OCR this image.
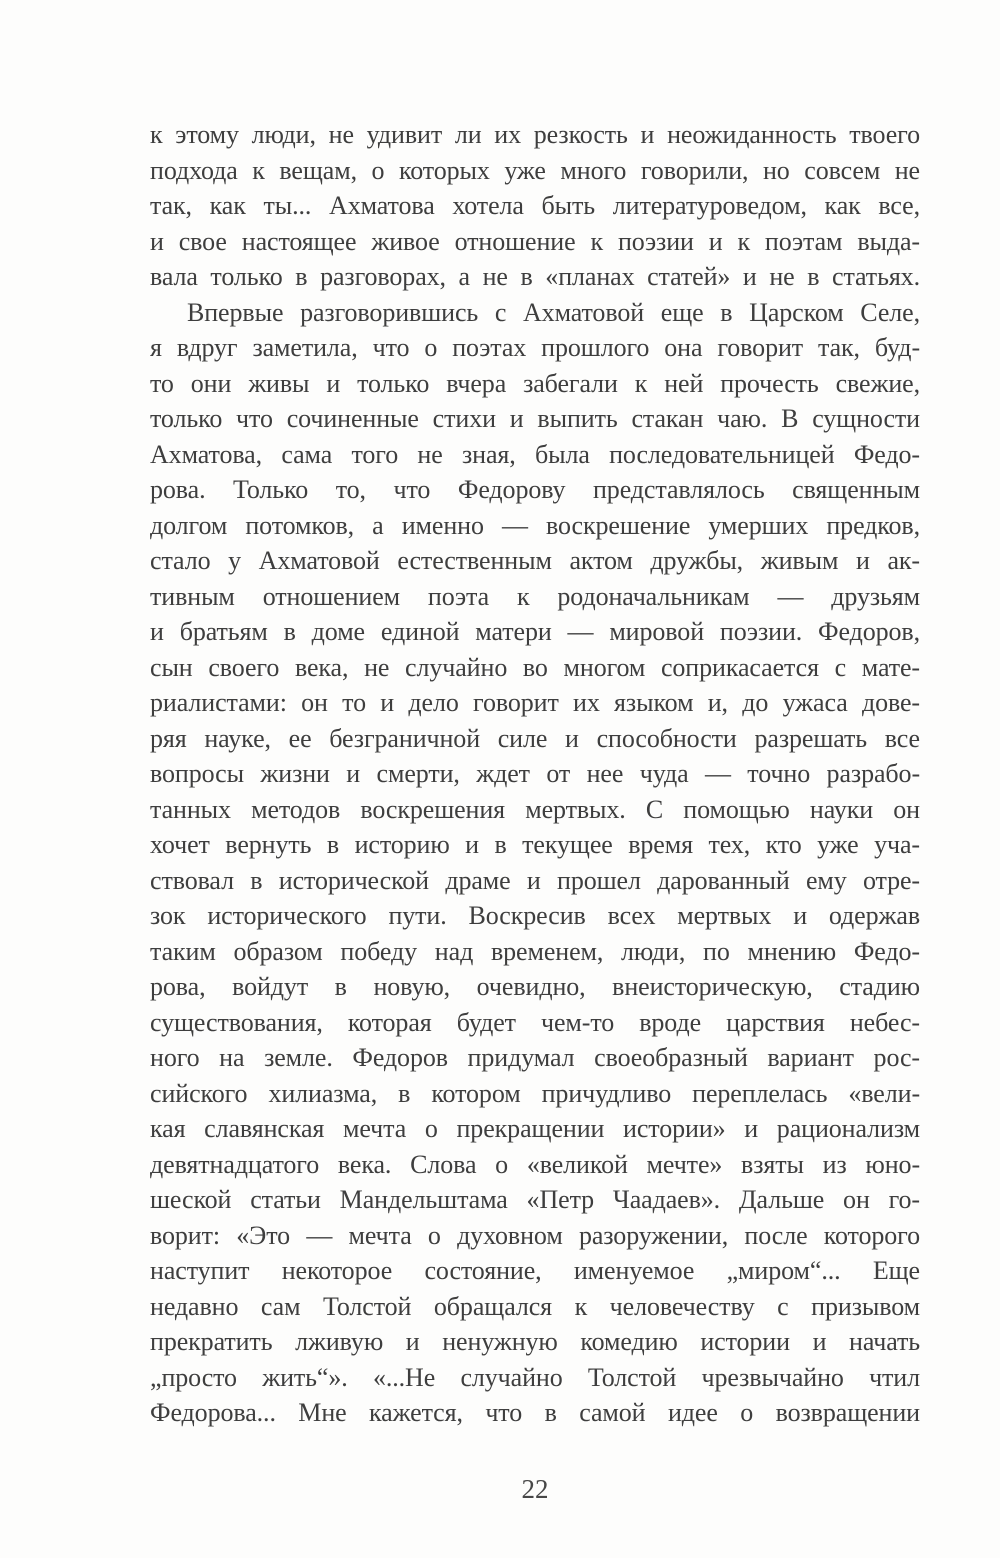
к этому люди, не удивит ли их резкость и неожиданность твоего
подхода к вещам, о которых уже много говорили, но совсем не
так, как ты... Ахматова хотела быть литературоведом, как все,
и свое настоящее живое отношение к поэзии и к поэтам выда-
вала только в разговорах, а не в «планах статей» и не в статьях.
Впервые разговорившись с Ахматовой еще в Царском Селе,
я вдруг заметила, что о поэтах прошлого она говорит так, буд-
то они живы и только вчера забегали к ней прочесть свежие,
только что сочиненные стихи и выпить стакан чаю. В сущности
Ахматова, сама того не зная, была последовательницей Федо-
рова. Только то, что Федорову представлялось священным
долгом потомков, а именно — воскрешение умерших предков,
стало у Ахматовой естественным актом дружбы, живым и ак-
тивным отношением поэта к родоначальникам — друзьям
и братьям в доме единой матери — мировой поэзии. Федоров,
сын своего века, не случайно во многом соприкасается с мате-
риалистами: он то и дело говорит их языком и, до ужаса дове-
ряя науке, ее безграничной силе и способности разрешать все
вопросы жизни и смерти, ждет от нее чуда — точно разрабо-
танных методов воскрешения мертвых. С помощью науки он
хочет вернуть в историю и в текущее время тех, кто уже уча-
ствовал в исторической драме и прошел дарованный ему отре-
зок исторического пути. Воскресив всех мертвых и одержав
таким образом победу над временем, люди, по мнению Федо-
рова, войдут в новую, очевидно, внеисторическую, стадию
существования, которая будет чем-то вроде царствия небес-
ного на земле. Федоров придумал своеобразный вариант рос-
сийского хилиазма, в котором причудливо переплелась «вели-
кая славянская мечта о прекращении истории» и рационализм
девятнадцатого века. Слова о «великой мечте» взяты из юно-
шеской статьи Мандельштама «Петр Чаадаев». Дальше он го-
ворит: «Это — мечта о духовном разоружении, после которого
наступит некоторое состояние, именуемое „миром“... Еще
недавно сам Толстой обращался к человечеству с призывом
прекратить лживую и ненужную комедию истории и начать
„просто жить“». «...Не случайно Толстой чрезвычайно чтил
Федорова... Мне кажется, что в самой идее о возвращении
22
